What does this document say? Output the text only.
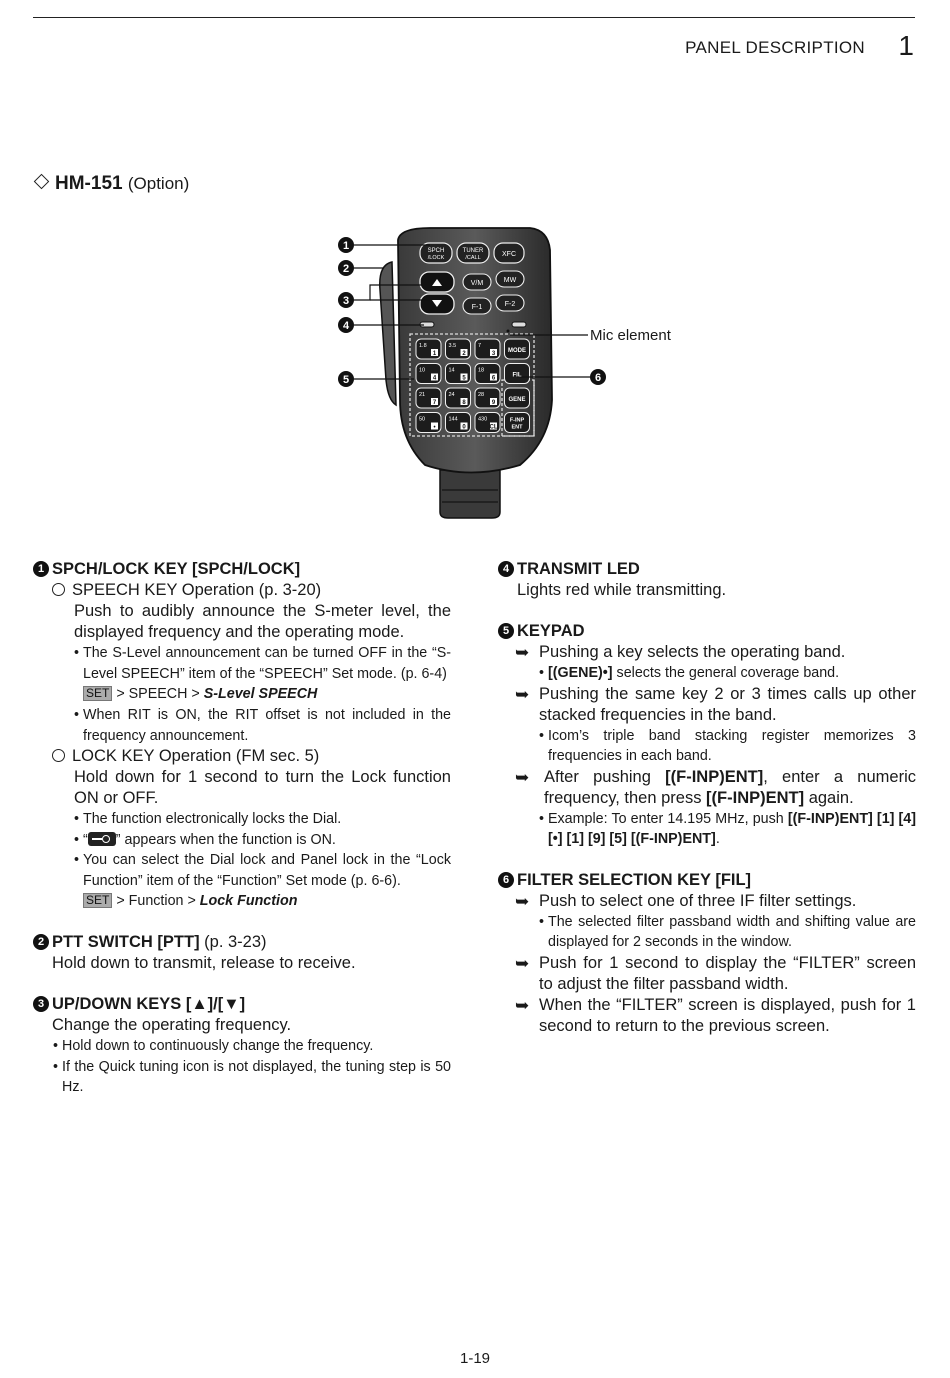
PANEL DESCRIPTION 1
HM-151 (Option)
SPCH
/LOCK
TUNER
/CALL	XFC
V/M	MW
F-1	F-2
1.8
1
3.5
2
7
3 MODE
10
4
14
5
18
6	FIL
21
7
24
8
28
9 GENE
50
•
144
0
430
CL
F-INP
ENT
1
2
3
4
5	6
Mic element
1 SPCH/LOCK KEY [SPCH/LOCK]
SPEECH KEY Operation (p. 3-20)
Push to audibly announce the S-meter level, the displayed frequency and the operating mode.
• The S-Level announcement can be turned OFF in the “S-Level SPEECH” item of the “SPEECH” Set mode. (p. 6-4)
SET > SPEECH > S-Level SPEECH
• When RIT is ON, the RIT offset is not included in the frequency announcement.
LOCK KEY Operation (FM sec. 5)
Hold down for 1 second to turn the Lock function ON or OFF.
• The function electronically locks the Dial.
• “ ” appears when the function is ON.
• You can select the Dial lock and Panel lock in the “Lock Function” item of the “Function” Set mode (p. 6-6).
SET > Function > Lock Function
2 PTT SWITCH [PTT] (p. 3-23)
Hold down to transmit, release to receive.
3 UP/DOWN KEYS [▲]/[▼]
Change the operating frequency.
• Hold down to continuously change the frequency.
• If the Quick tuning icon is not displayed, the tuning step is 50 Hz.
4 TRANSMIT LED
Lights red while transmitting.
5 KEYPAD
➥ Pushing a key selects the operating band.
• [(GENE)•] selects the general coverage band.
➥ Pushing the same key 2 or 3 times calls up other stacked frequencies in the band.
• Icom’s triple band stacking register memorizes 3 frequencies in each band.
➥ After pushing [(F-INP)ENT], enter a numeric frequency, then press [(F-INP)ENT] again.
• Example: To enter 14.195 MHz, push [(F-INP)ENT] [1] [4] [•] [1] [9] [5] [(F-INP)ENT].
6 FILTER SELECTION KEY [FIL]
➥ Push to select one of three IF filter settings.
• The selected filter passband width and shifting value are displayed for 2 seconds in the window.
➥ Push for 1 second to display the “FILTER” screen to adjust the filter passband width.
➥ When the “FILTER” screen is displayed, push for 1 second to return to the previous screen.
1-19
